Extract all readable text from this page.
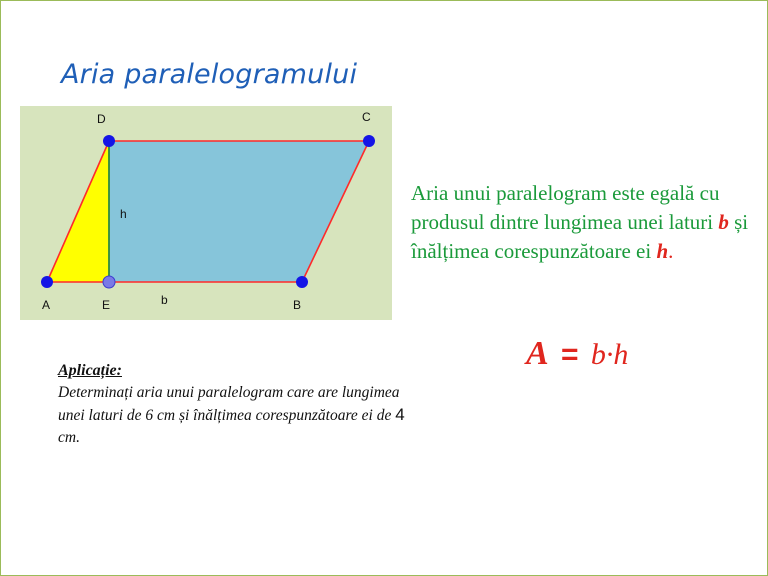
Aria paralelogramului
D	C
A	E	B
h
b
Aria unui paralelogram este egală cu produsul dintre lungimea unei laturi b și înălțimea corespunzătoare ei h.
A = b·h
Aplicație:
Determinați aria unui paralelogram care are lungimea unei laturi de 6 cm și înălțimea corespunzătoare ei de 4 cm.
